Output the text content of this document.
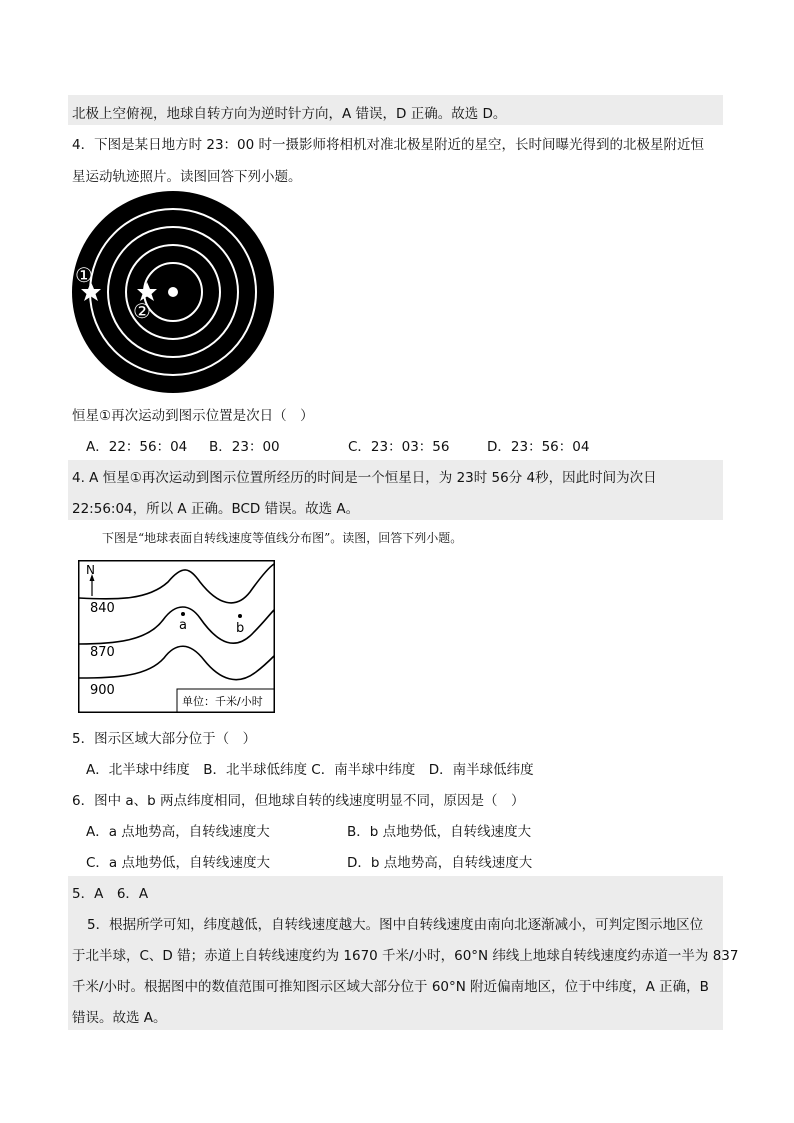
北极上空俯视，地球自转方向为逆时针方向，A 错误，D 正确。故选 D。
4．下图是某日地方时 23：00 时一摄影师将相机对准北极星附近的星空，长时间曝光得到的北极星附近恒
星运动轨迹照片。读图回答下列小题。
①
②
恒星①再次运动到图示位置是次日（　）
A．22：56：04 B．23：00	C．23：03：56	D．23：56：04
4. A 恒星①再次运动到图示位置所经历的时间是一个恒星日，为 23时 56分 4秒，因此时间为次日
22:56:04，所以 A 正确。BCD 错误。故选 A。
下图是“地球表面自转线速度等值线分布图”。读图，回答下列小题。
N
840
870
900
a	b
单位：千米/小时
5．图示区域大部分位于（　）
A．北半球中纬度　B．北半球低纬度 C．南半球中纬度　D．南半球低纬度
6．图中 a、b 两点纬度相同，但地球自转的线速度明显不同，原因是（　）
A．a 点地势高，自转线速度大	B．b 点地势低，自转线速度大
C．a 点地势低，自转线速度大	D．b 点地势高，自转线速度大
5．A　6．A
5．根据所学可知，纬度越低，自转线速度越大。图中自转线速度由南向北逐渐减小，可判定图示地区位
于北半球，C、D 错；赤道上自转线速度约为 1670 千米/小时，60°N 纬线上地球自转线速度约赤道一半为 837
千米/小时。根据图中的数值范围可推知图示区域大部分位于 60°N 附近偏南地区，位于中纬度，A 正确，B
错误。故选 A。
